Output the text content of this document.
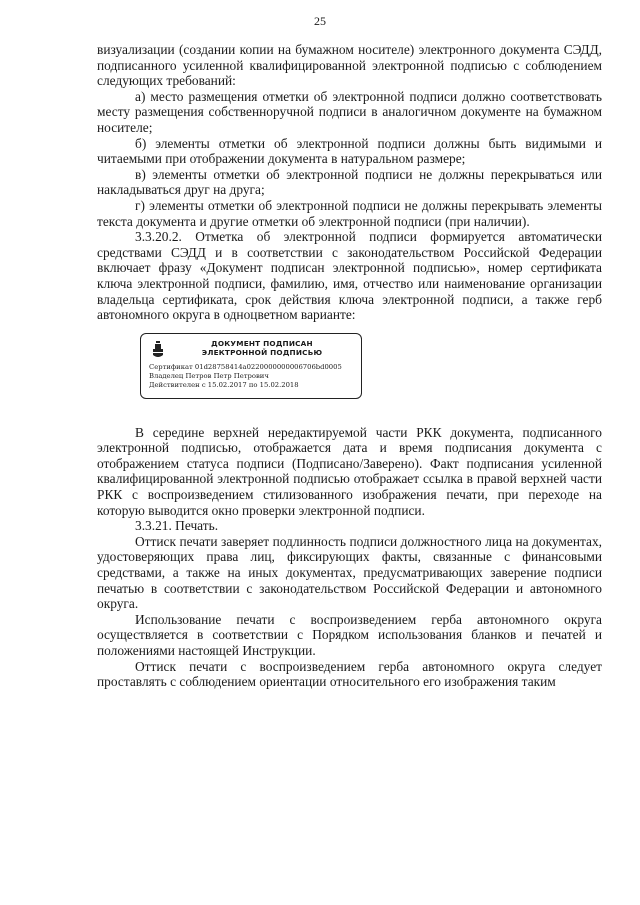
25

визуализации (создании копии на бумажном носителе) электронного документа СЭДД, подписанного усиленной квалифицированной электронной подписью с соблюдением следующих требований:

а) место размещения отметки об электронной подписи должно соответствовать месту размещения собственноручной подписи в аналогичном документе на бумажном носителе;

б) элементы отметки об электронной подписи должны быть видимыми и читаемыми при отображении документа в натуральном размере;

в) элементы отметки об электронной подписи не должны перекрываться или накладываться друг на друга;

г) элементы отметки об электронной подписи не должны перекрывать элементы текста документа и другие отметки об электронной подписи (при наличии).

3.3.20.2. Отметка об электронной подписи формируется автоматически средствами СЭДД и в соответствии с законодательством Российской Федерации включает фразу «Документ подписан электронной подписью», номер сертификата ключа электронной подписи, фамилию, имя, отчество или наименование организации владельца сертификата, срок действия ключа электронной подписи, а также герб автономного округа в одноцветном варианте:

ДОКУМЕНТ ПОДПИСАН
ЭЛЕКТРОННОЙ ПОДПИСЬЮ
Сертификат 01d28758414a0220000000006706bd0005
Владелец Петров Петр Петрович
Действителен с 15.02.2017 по 15.02.2018

В середине верхней нередактируемой части РКК документа, подписанного электронной подписью, отображается дата и время подписания документа с отображением статуса подписи (Подписано/Заверено). Факт подписания усиленной квалифицированной электронной подписью отображает ссылка в правой верхней части РКК с воспроизведением стилизованного изображения печати, при переходе на которую выводится окно проверки электронной подписи.

3.3.21. Печать.

Оттиск печати заверяет подлинность подписи должностного лица на документах, удостоверяющих права лиц, фиксирующих факты, связанные с финансовыми средствами, а также на иных документах, предусматривающих заверение подписи печатью в соответствии с законодательством Российской Федерации и автономного округа.

Использование печати с воспроизведением герба автономного округа осуществляется в соответствии с Порядком использования бланков и печатей и положениями настоящей Инструкции.

Оттиск печати с воспроизведением герба автономного округа следует проставлять с соблюдением ориентации относительного его изображения таким
